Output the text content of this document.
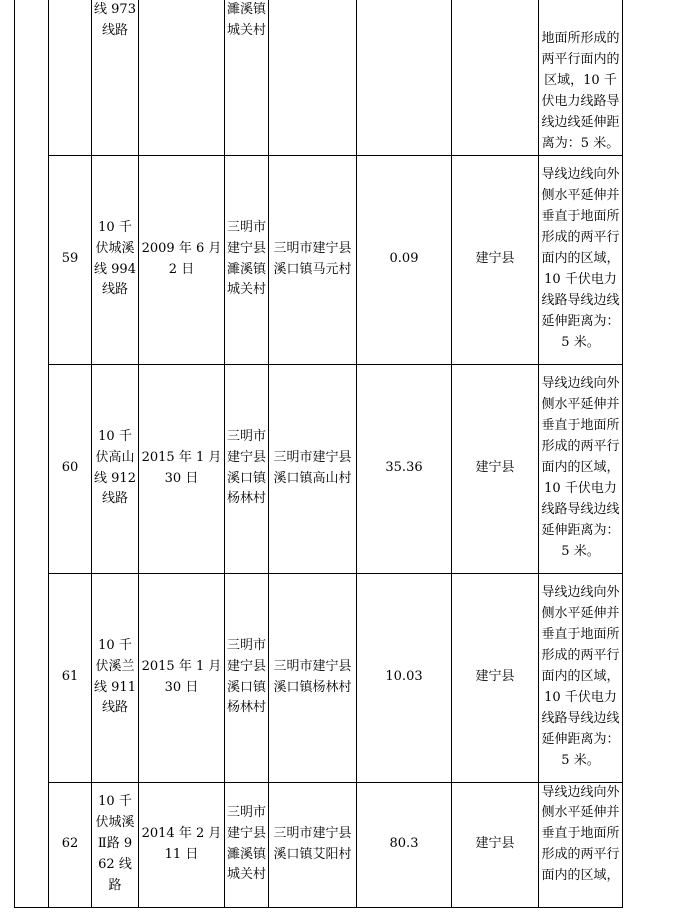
		线 973 线路		濉溪镇城关村				地面所形成的两平行面内的区域，10 千伏电力线路导线边线延伸距离为：5 米。
	59	10 千伏城溪线 994 线路	2009 年 6 月 2 日	三明市建宁县濉溪镇城关村	三明市建宁县溪口镇马元村	0.09	建宁县	导线边线向外侧水平延伸并垂直于地面所形成的两平行面内的区域，10 千伏电力线路导线边线延伸距离为：5 米。
	60	10 千伏高山线 912 线路	2015 年 1 月 30 日	三明市建宁县溪口镇杨林村	三明市建宁县溪口镇高山村	35.36	建宁县	导线边线向外侧水平延伸并垂直于地面所形成的两平行面内的区域，10 千伏电力线路导线边线延伸距离为：5 米。
	61	10 千伏溪兰线 911 线路	2015 年 1 月 30 日	三明市建宁县溪口镇杨林村	三明市建宁县溪口镇杨林村	10.03	建宁县	导线边线向外侧水平延伸并垂直于地面所形成的两平行面内的区域，10 千伏电力线路导线边线延伸距离为：5 米。
	62	10 千伏城溪Ⅱ路 962 线路	2014 年 2 月 11 日	三明市建宁县濉溪镇城关村	三明市建宁县溪口镇艾阳村	80.3	建宁县	导线边线向外侧水平延伸并垂直于地面所形成的两平行面内的区域，
